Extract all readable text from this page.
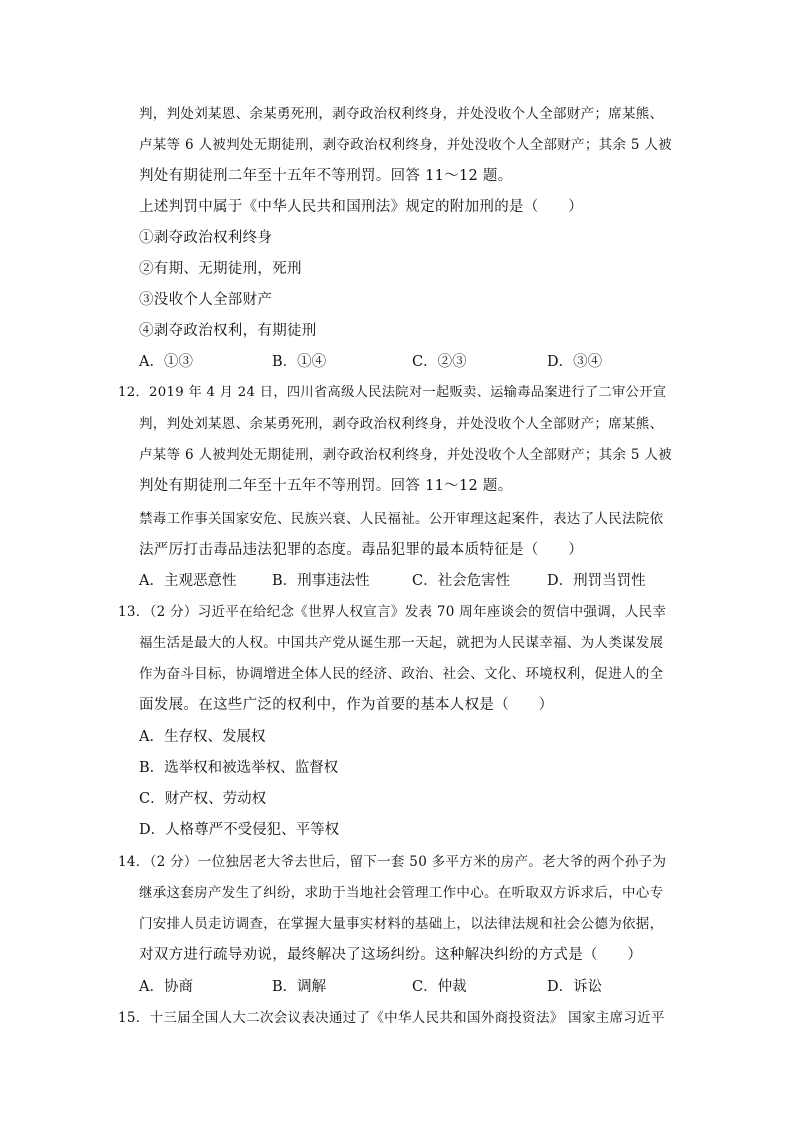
判，判处刘某恩、余某勇死刑，剥夺政治权利终身，并处没收个人全部财产；席某熊、
卢某等 6 人被判处无期徒刑，剥夺政治权利终身，并处没收个人全部财产；其余 5 人被
判处有期徒刑二年至十五年不等刑罚。回答 11～12 题。
上述判罚中属于《中华人民共和国刑法》规定的附加刑的是（　　）
①剥夺政治权利终身
②有期、无期徒刑，死刑
③没收个人全部财产
④剥夺政治权利，有期徒刑
A．①③	B．①④	C．②③	D．③④
12．2019 年 4 月 24 日，四川省高级人民法院对一起贩卖、运输毒品案进行了二审公开宣
判，判处刘某恩、余某勇死刑，剥夺政治权利终身，并处没收个人全部财产；席某熊、
卢某等 6 人被判处无期徒刑，剥夺政治权利终身，并处没收个人全部财产；其余 5 人被
判处有期徒刑二年至十五年不等刑罚。回答 11～12 题。
禁毒工作事关国家安危、民族兴衰、人民福祉。公开审理这起案件，表达了人民法院依
法严厉打击毒品违法犯罪的态度。毒品犯罪的最本质特征是（　　）
A．主观恶意性 B．刑事违法性	C．社会危害性	D．刑罚当罚性
13．（2 分）习近平在给纪念《世界人权宣言》发表 70 周年座谈会的贺信中强调，人民幸
福生活是最大的人权。中国共产党从诞生那一天起，就把为人民谋幸福、为人类谋发展
作为奋斗目标，协调增进全体人民的经济、政治、社会、文化、环境权利，促进人的全
面发展。在这些广泛的权利中，作为首要的基本人权是（　　）
A．生存权、发展权
B．选举权和被选举权、监督权
C．财产权、劳动权
D．人格尊严不受侵犯、平等权
14．（2 分）一位独居老大爷去世后，留下一套 50 多平方米的房产。老大爷的两个孙子为
继承这套房产发生了纠纷，求助于当地社会管理工作中心。在听取双方诉求后，中心专
门安排人员走访调查，在掌握大量事实材料的基础上，以法律法规和社会公德为依据，
对双方进行疏导劝说，最终解决了这场纠纷。这种解决纠纷的方式是（　　）
A．协商	B．调解	C．仲裁	D．诉讼
15．十三届全国人大二次会议表决通过了《中华人民共和国外商投资法》 国家主席习近平
